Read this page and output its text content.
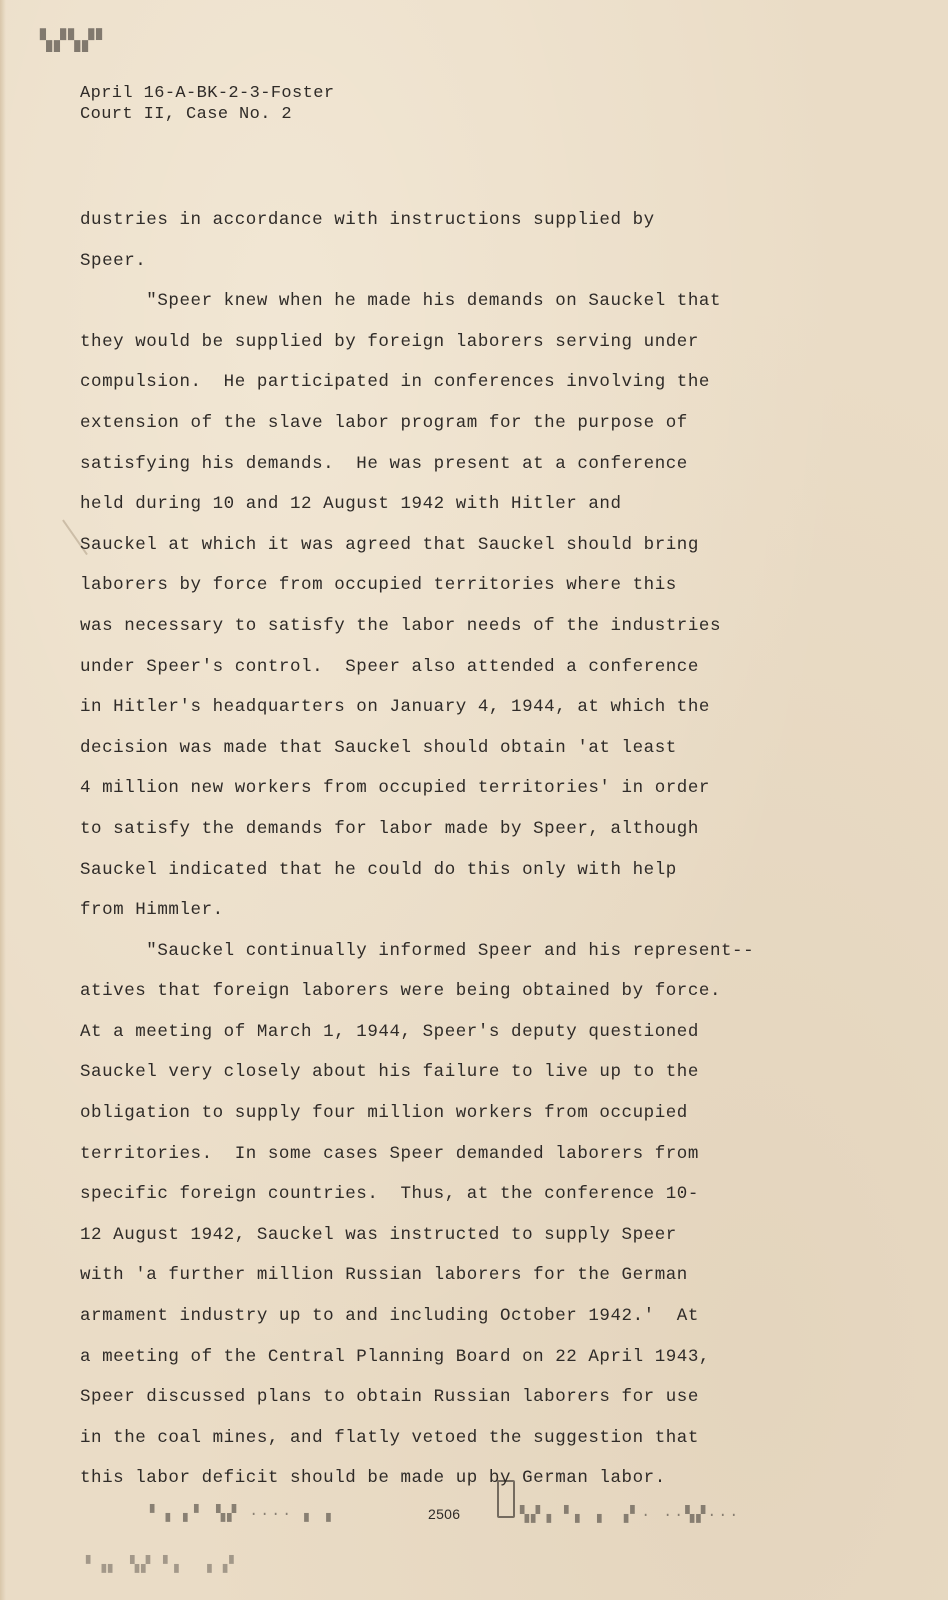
▚▞▚▞▘
April 16-A-BK-2-3-Foster
Court II, Case No. 2
dustries in accordance with instructions supplied by
Speer.
"Speer knew when he made his demands on Sauckel that
they would be supplied by foreign laborers serving under
compulsion.  He participated in conferences involving the
extension of the slave labor program for the purpose of
satisfying his demands.  He was present at a conference
held during 10 and 12 August 1942 with Hitler and
Sauckel at which it was agreed that Sauckel should bring
laborers by force from occupied territories where this
was necessary to satisfy the labor needs of the industries
under Speer's control.  Speer also attended a conference
in Hitler's headquarters on January 4, 1944, at which the
decision was made that Sauckel should obtain 'at least
4 million new workers from occupied territories' in order
to satisfy the demands for labor made by Speer, although
Sauckel indicated that he could do this only with help
from Himmler.
"Sauckel continually informed Speer and his represent--
atives that foreign laborers were being obtained by force.
At a meeting of March 1, 1944, Speer's deputy questioned
Sauckel very closely about his failure to live up to the
obligation to supply four million workers from occupied
territories.  In some cases Speer demanded laborers from
specific foreign countries.  Thus, at the conference 10-
12 August 1942, Sauckel was instructed to supply Speer
with 'a further million Russian laborers for the German
armament industry up to and including October 1942.'  At
a meeting of the Central Planning Board on 22 April 1943,
Speer discussed plans to obtain Russian laborers for use
in the coal mines, and flatly vetoed the suggestion that
this labor deficit should be made up by German labor.
▘▗ ▖▘ ▚▞ ∙∙∙∙ ▖ ▖	2506	▚▞▗ ▘▖ ▖ ▗▘∙ ∙∙▚▞∙∙∙
▘▗▖ ▚▞ ▘▖  ▖▗▘
